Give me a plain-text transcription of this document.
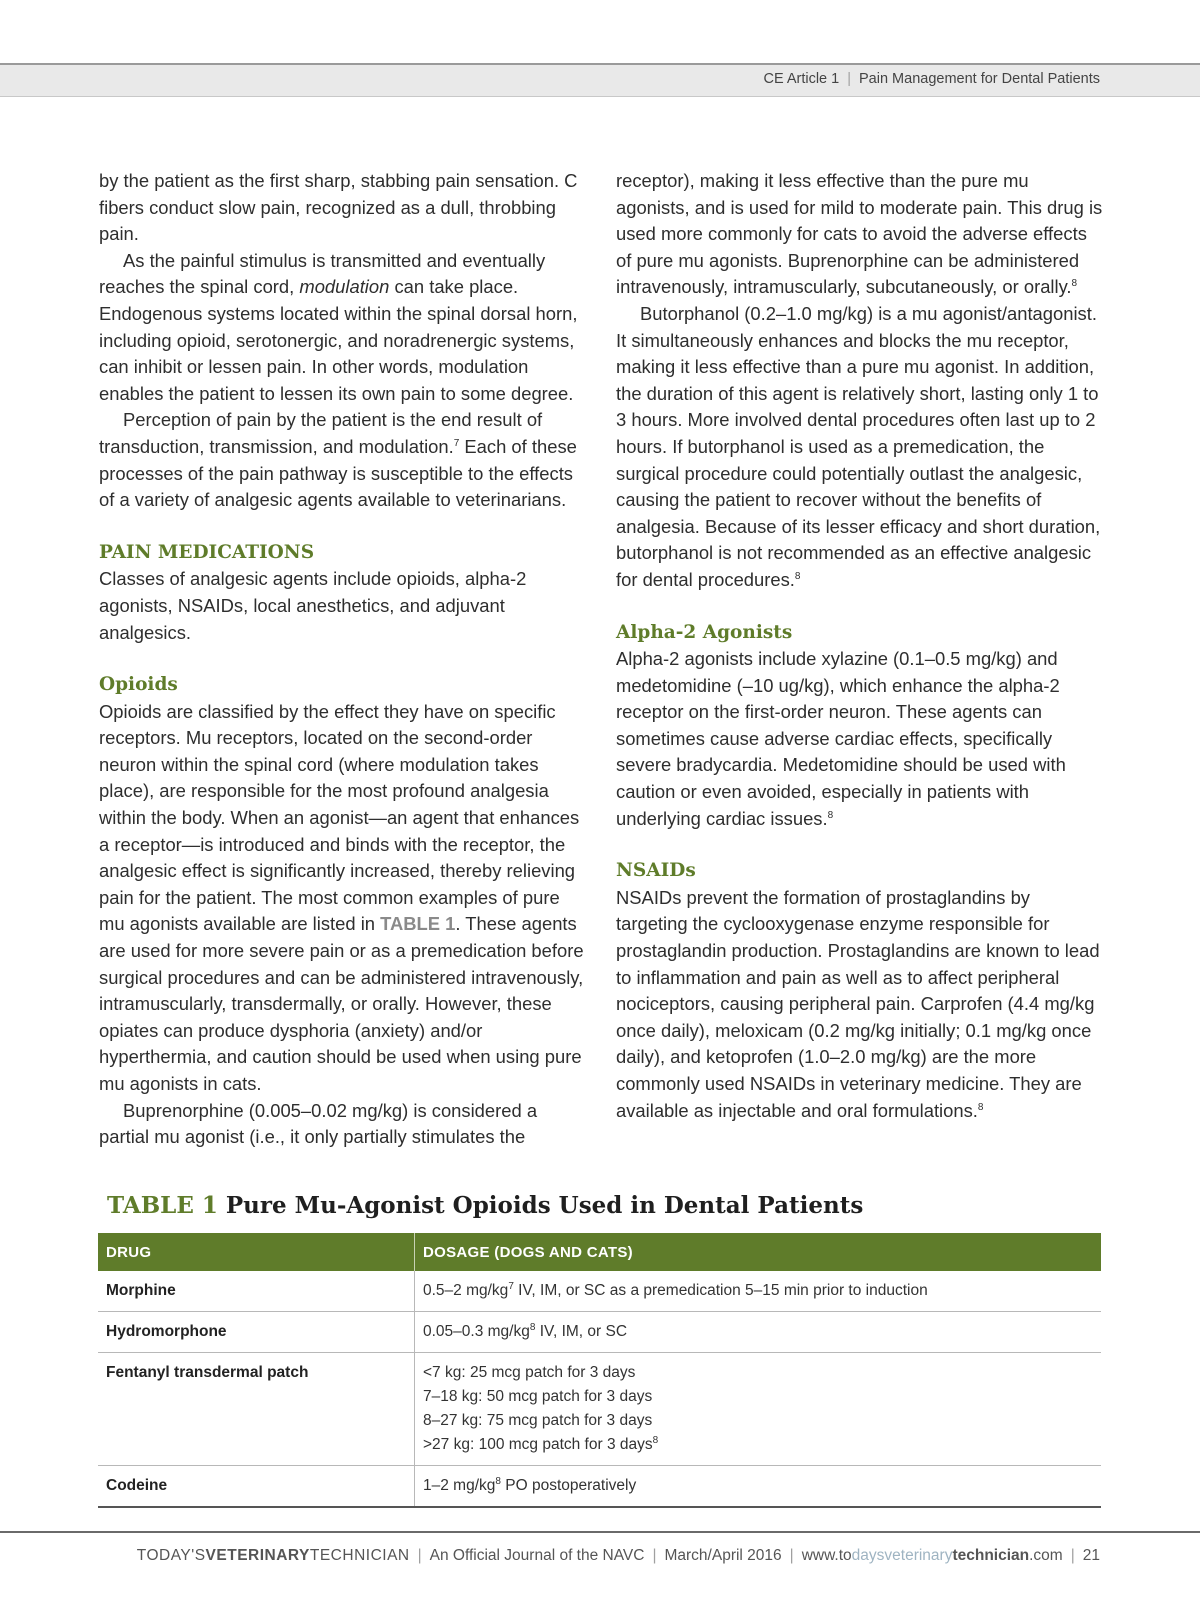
CE Article 1 | Pain Management for Dental Patients

by the patient as the first sharp, stabbing pain sensation. C fibers conduct slow pain, recognized as a dull, throbbing pain.

As the painful stimulus is transmitted and eventually reaches the spinal cord, modulation can take place. Endogenous systems located within the spinal dorsal horn, including opioid, serotonergic, and noradrenergic systems, can inhibit or lessen pain. In other words, modulation enables the patient to lessen its own pain to some degree.

Perception of pain by the patient is the end result of transduction, transmission, and modulation.$^7$ Each of these processes of the pain pathway is susceptible to the effects of a variety of analgesic agents available to veterinarians.

PAIN MEDICATIONS

Classes of analgesic agents include opioids, alpha-2 agonists, NSAIDs, local anesthetics, and adjuvant analgesics.

Opioids

Opioids are classified by the effect they have on specific receptors. Mu receptors, located on the second-order neuron within the spinal cord (where modulation takes place), are responsible for the most profound analgesia within the body. When an agonist—an agent that enhances a receptor—is introduced and binds with the receptor, the analgesic effect is significantly increased, thereby relieving pain for the patient. The most common examples of pure mu agonists available are listed in TABLE 1. These agents are used for more severe pain or as a premedication before surgical procedures and can be administered intravenously, intramuscularly, transdermally, or orally. However, these opiates can produce dysphoria (anxiety) and/or hyperthermia, and caution should be used when using pure mu agonists in cats.

Buprenorphine (0.005–0.02 mg/kg) is considered a partial mu agonist (i.e., it only partially stimulates the

receptor), making it less effective than the pure mu agonists, and is used for mild to moderate pain. This drug is used more commonly for cats to avoid the adverse effects of pure mu agonists. Buprenorphine can be administered intravenously, intramuscularly, subcutaneously, or orally.$^8$

Butorphanol (0.2–1.0 mg/kg) is a mu agonist/antagonist. It simultaneously enhances and blocks the mu receptor, making it less effective than a pure mu agonist. In addition, the duration of this agent is relatively short, lasting only 1 to 3 hours. More involved dental procedures often last up to 2 hours. If butorphanol is used as a premedication, the surgical procedure could potentially outlast the analgesic, causing the patient to recover without the benefits of analgesia. Because of its lesser efficacy and short duration, butorphanol is not recommended as an effective analgesic for dental procedures.$^8$

Alpha-2 Agonists

Alpha-2 agonists include xylazine (0.1–0.5 mg/kg) and medetomidine (–10 ug/kg), which enhance the alpha-2 receptor on the first-order neuron. These agents can sometimes cause adverse cardiac effects, specifically severe bradycardia. Medetomidine should be used with caution or even avoided, especially in patients with underlying cardiac issues.$^8$

NSAIDs

NSAIDs prevent the formation of prostaglandins by targeting the cyclooxygenase enzyme responsible for prostaglandin production. Prostaglandins are known to lead to inflammation and pain as well as to affect peripheral nociceptors, causing peripheral pain. Carprofen (4.4 mg/kg once daily), meloxicam (0.2 mg/kg initially; 0.1 mg/kg once daily), and ketoprofen (1.0–2.0 mg/kg) are the more commonly used NSAIDs in veterinary medicine. They are available as injectable and oral formulations.$^8$

TABLE 1 Pure Mu-Agonist Opioids Used in Dental Patients
DRUG	DOSAGE (DOGS AND CATS)
Morphine	0.5–2 $mg/kg^7$ IV, IM, or SC as a premedication 5–15 min prior to induction
Hydromorphone	0.05–0.3 $mg/kg^8$ IV, IM, or SC
Fentanyl transdermal patch	<7 kg: 25 mcg patch for 3 days
7–18 kg: 50 mcg patch for 3 days
8–27 kg: 75 mcg patch for 3 days
>27 kg: 100 mcg patch for 3 days$^8$

Codeine	1–2 $mg/kg^8$ PO postoperatively
TODAY'SVETERINARYTECHNICIAN | An Official Journal of the NAVC | March/April 2016 | www.todaysveterinarytechnician.com | 21
